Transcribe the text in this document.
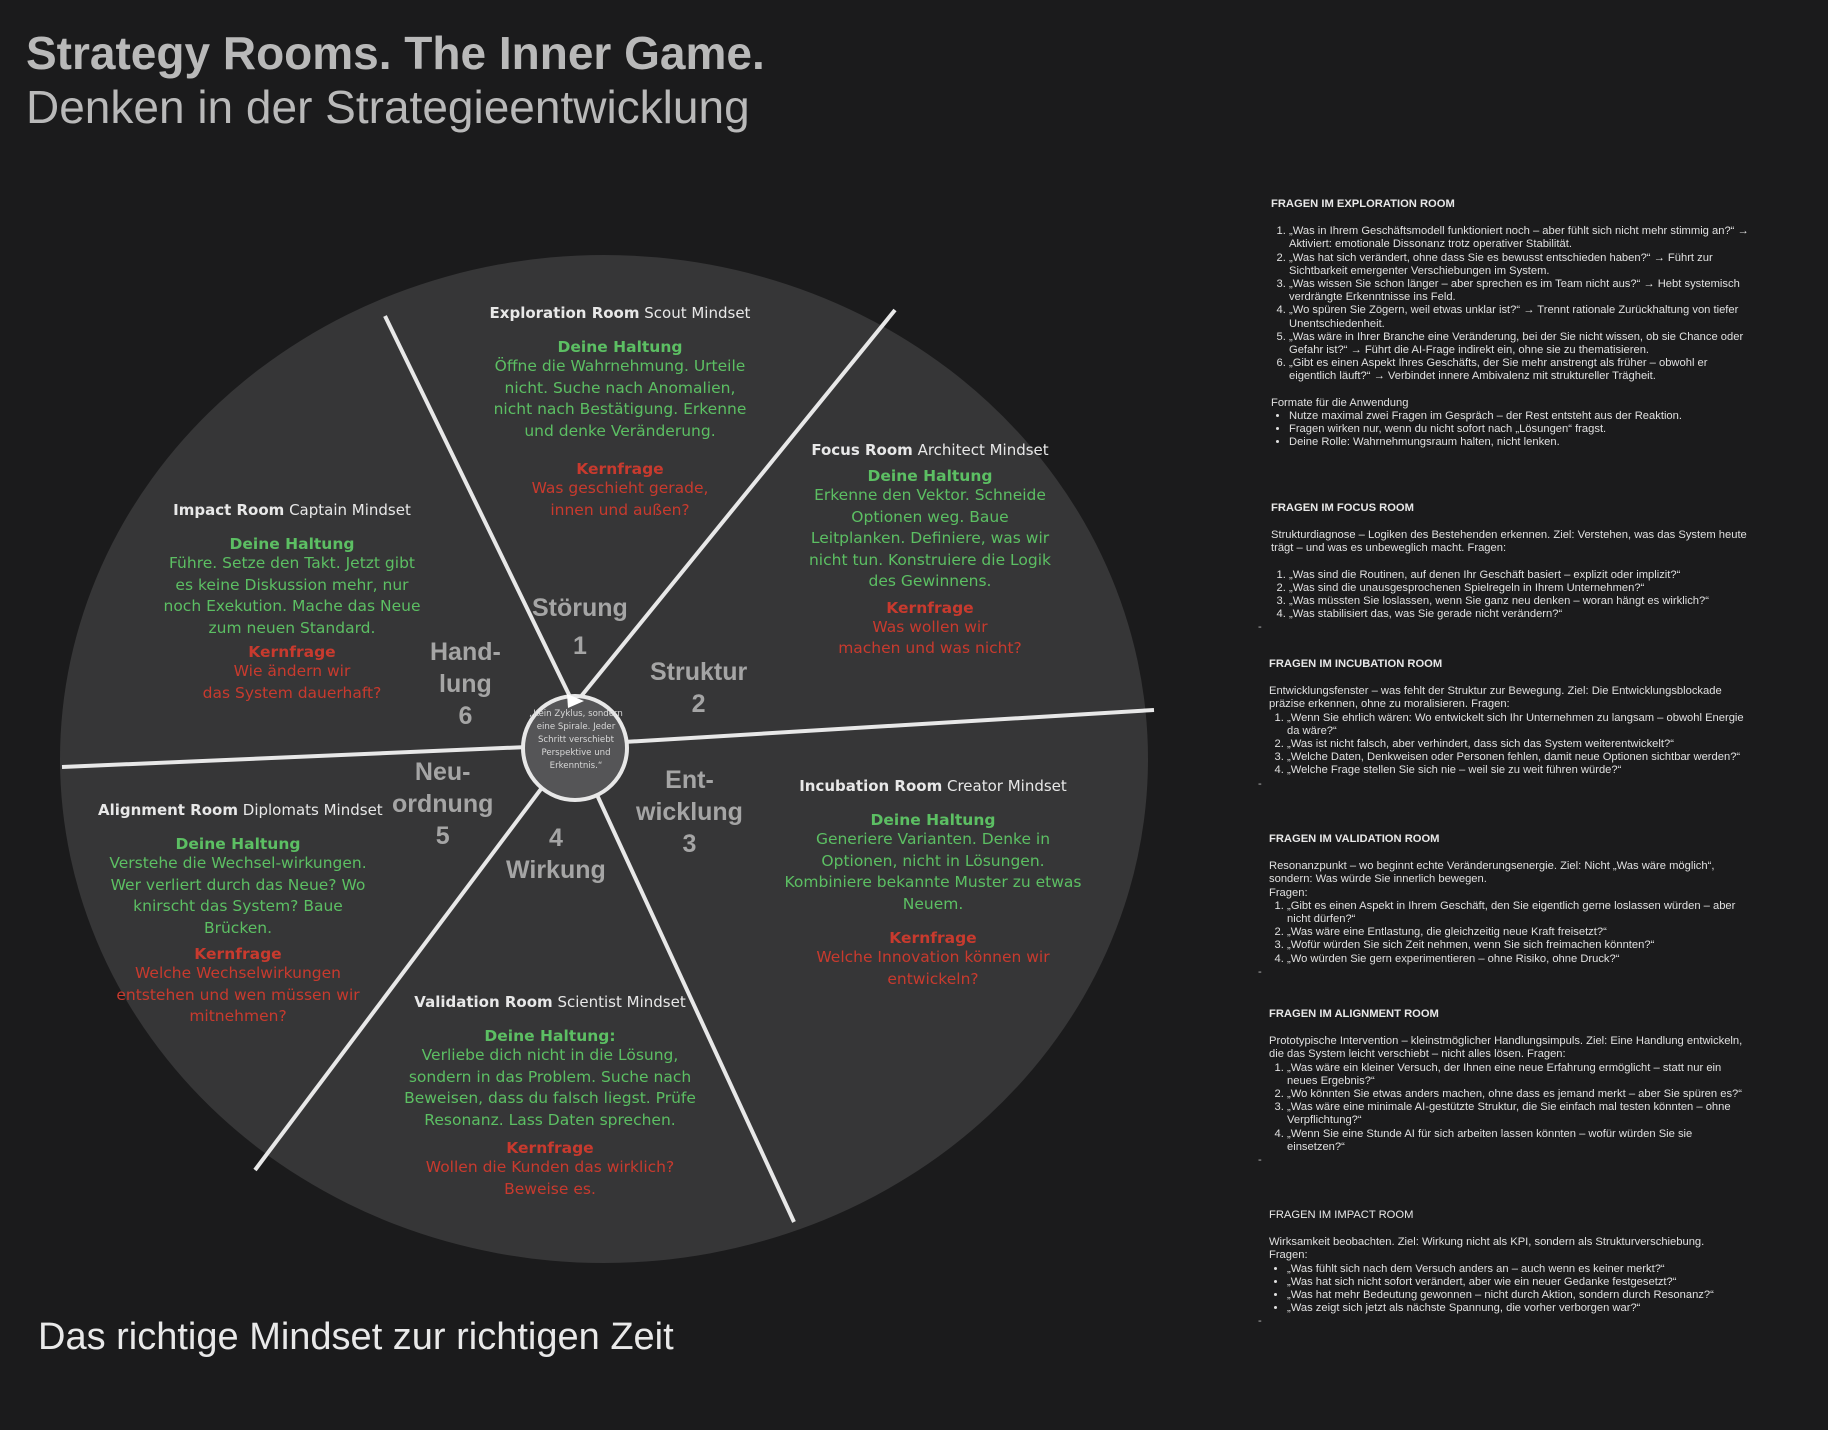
Strategy Rooms. The Inner Game.
Denken in der Strategieentwicklung
„Kein Zyklus, sondern eine Spirale. Jeder Schritt verschiebt Perspektive und Erkenntnis.“
Störung
1
Struktur
2
Ent-
wicklung
3
4
Wirkung
Neu-
ordnung
5
Hand-
lung
6
Exploration Room Scout Mindset
Deine Haltung
Öffne die Wahrnehmung. Urteile
nicht. Suche nach Anomalien,
nicht nach Bestätigung. Erkenne
und denke Veränderung.
Kernfrage
Was geschieht gerade,
innen und außen?
Focus Room Architect Mindset
Deine Haltung
Erkenne den Vektor. Schneide
Optionen weg. Baue
Leitplanken. Definiere, was wir
nicht tun. Konstruiere die Logik
des Gewinnens.
Kernfrage
Was wollen wir
machen und was nicht?
Incubation Room Creator Mindset
Deine Haltung
Generiere Varianten. Denke in
Optionen, nicht in Lösungen.
Kombiniere bekannte Muster zu etwas
Neuem.
Kernfrage
Welche Innovation können wir
entwickeln?
Validation Room Scientist Mindset
Deine Haltung:
Verliebe dich nicht in die Lösung,
sondern in das Problem. Suche nach
Beweisen, dass du falsch liegst. Prüfe
Resonanz. Lass Daten sprechen.
Kernfrage
Wollen die Kunden das wirklich?
Beweise es.
Alignment Room Diplomats Mindset
Deine Haltung
Verstehe die Wechsel-wirkungen.
Wer verliert durch das Neue? Wo
knirscht das System? Baue
Brücken.
Kernfrage
Welche Wechselwirkungen
entstehen und wen müssen wir
mitnehmen?
Impact Room Captain Mindset
Deine Haltung
Führe. Setze den Takt. Jetzt gibt
es keine Diskussion mehr, nur
noch Exekution. Mache das Neue
zum neuen Standard.
Kernfrage
Wie ändern wir
das System dauerhaft?
Das richtige Mindset zur richtigen Zeit
FRAGEN IM EXPLORATION ROOM
1. „Was in Ihrem Geschäftsmodell funktioniert noch – aber fühlt sich nicht mehr stimmig an?“ → Aktiviert: emotionale Dissonanz trotz operativer Stabilität.
2. „Was hat sich verändert, ohne dass Sie es bewusst entschieden haben?“ → Führt zur Sichtbarkeit emergenter Verschiebungen im System.
3. „Was wissen Sie schon länger – aber sprechen es im Team nicht aus?“ → Hebt systemisch verdrängte Erkenntnisse ins Feld.
4. „Wo spüren Sie Zögern, weil etwas unklar ist?“ → Trennt rationale Zurückhaltung von tiefer Unentschiedenheit.
5. „Was wäre in Ihrer Branche eine Veränderung, bei der Sie nicht wissen, ob sie Chance oder Gefahr ist?“ → Führt die AI-Frage indirekt ein, ohne sie zu thematisieren.
6. „Gibt es einen Aspekt Ihres Geschäfts, der Sie mehr anstrengt als früher – obwohl er eigentlich läuft?“ → Verbindet innere Ambivalenz mit struktureller Trägheit.

Formate für die Anwendung

• Nutze maximal zwei Fragen im Gespräch – der Rest entsteht aus der Reaktion.
• Fragen wirken nur, wenn du nicht sofort nach „Lösungen“ fragst.
• Deine Rolle: Wahrnehmungsraum halten, nicht lenken.
FRAGEN IM FOCUS ROOM

Strukturdiagnose – Logiken des Bestehenden erkennen. Ziel: Verstehen, was das System heute trägt – und was es unbeweglich macht. Fragen:

1. „Was sind die Routinen, auf denen Ihr Geschäft basiert – explizit oder implizit?“
2. „Was sind die unausgesprochenen Spielregeln in Ihrem Unternehmen?“
3. „Was müssten Sie loslassen, wenn Sie ganz neu denken – woran hängt es wirklich?“
4. „Was stabilisiert das, was Sie gerade nicht verändern?“
-
FRAGEN IM INCUBATION ROOM

Entwicklungsfenster – was fehlt der Struktur zur Bewegung. Ziel: Die Entwicklungsblockade präzise erkennen, ohne zu moralisieren. Fragen:

1. „Wenn Sie ehrlich wären: Wo entwickelt sich Ihr Unternehmen zu langsam – obwohl Energie da wäre?“
2. „Was ist nicht falsch, aber verhindert, dass sich das System weiterentwickelt?“
3. „Welche Daten, Denkweisen oder Personen fehlen, damit neue Optionen sichtbar werden?“
4. „Welche Frage stellen Sie sich nie – weil sie zu weit führen würde?“
-
FRAGEN IM VALIDATION ROOM

Resonanzpunkt – wo beginnt echte Veränderungsenergie. Ziel: Nicht „Was wäre möglich“, sondern: Was würde Sie innerlich bewegen.

Fragen:

1. „Gibt es einen Aspekt in Ihrem Geschäft, den Sie eigentlich gerne loslassen würden – aber nicht dürfen?“
2. „Was wäre eine Entlastung, die gleichzeitig neue Kraft freisetzt?“
3. „Wofür würden Sie sich Zeit nehmen, wenn Sie sich freimachen könnten?“
4. „Wo würden Sie gern experimentieren – ohne Risiko, ohne Druck?“
-
FRAGEN IM ALIGNMENT ROOM

Prototypische Intervention – kleinstmöglicher Handlungsimpuls. Ziel: Eine Handlung entwickeln, die das System leicht verschiebt – nicht alles lösen. Fragen:

1. „Was wäre ein kleiner Versuch, der Ihnen eine neue Erfahrung ermöglicht – statt nur ein neues Ergebnis?“
2. „Wo könnten Sie etwas anders machen, ohne dass es jemand merkt – aber Sie spüren es?“
3. „Was wäre eine minimale AI-gestützte Struktur, die Sie einfach mal testen könnten – ohne Verpflichtung?“
4. „Wenn Sie eine Stunde AI für sich arbeiten lassen könnten – wofür würden Sie sie einsetzen?“
-
FRAGEN IM IMPACT ROOM

Wirksamkeit beobachten. Ziel: Wirkung nicht als KPI, sondern als Strukturverschiebung.

Fragen:

• „Was fühlt sich nach dem Versuch anders an – auch wenn es keiner merkt?“
• „Was hat sich nicht sofort verändert, aber wie ein neuer Gedanke festgesetzt?“
• „Was hat mehr Bedeutung gewonnen – nicht durch Aktion, sondern durch Resonanz?“
• „Was zeigt sich jetzt als nächste Spannung, die vorher verborgen war?“
-
